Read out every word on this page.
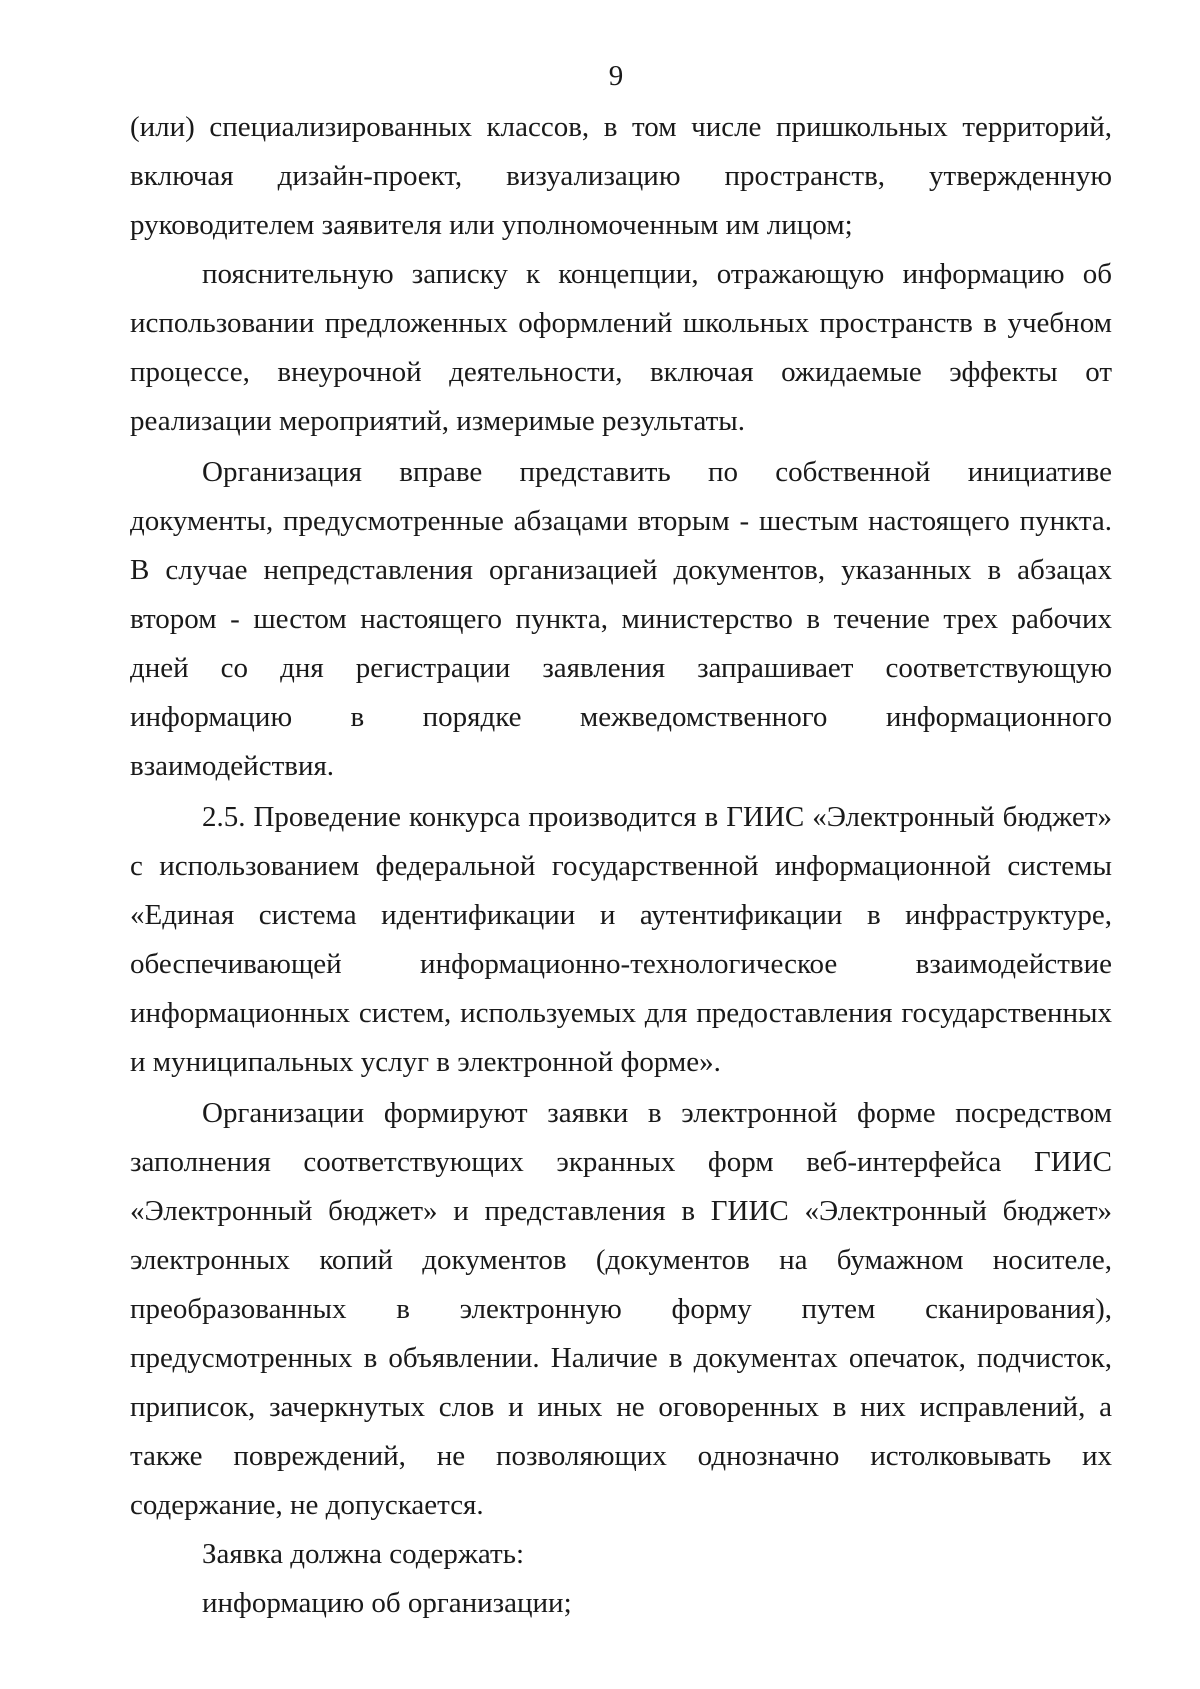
9

(или) специализированных классов, в том числе пришкольных территорий, включая дизайн-проект, визуализацию пространств, утвержденную руководителем заявителя или уполномоченным им лицом;

пояснительную записку к концепции, отражающую информацию об использовании предложенных оформлений школьных пространств в учебном процессе, внеурочной деятельности, включая ожидаемые эффекты от реализации мероприятий, измеримые результаты.

Организация вправе представить по собственной инициативе документы, предусмотренные абзацами вторым - шестым настоящего пункта. В случае непредставления организацией документов, указанных в абзацах втором - шестом настоящего пункта, министерство в течение трех рабочих дней со дня регистрации заявления запрашивает соответствующую информацию в порядке межведомственного информационного взаимодействия.

2.5. Проведение конкурса производится в ГИИС «Электронный бюджет» с использованием федеральной государственной информационной системы «Единая система идентификации и аутентификации в инфраструктуре, обеспечивающей информационно-технологическое взаимодействие информационных систем, используемых для предоставления государственных и муниципальных услуг в электронной форме».

Организации формируют заявки в электронной форме посредством заполнения соответствующих экранных форм веб-интерфейса ГИИС «Электронный бюджет» и представления в ГИИС «Электронный бюджет» электронных копий документов (документов на бумажном носителе, преобразованных в электронную форму путем сканирования), предусмотренных в объявлении. Наличие в документах опечаток, подчисток, приписок, зачеркнутых слов и иных не оговоренных в них исправлений, а также повреждений, не позволяющих однозначно истолковывать их содержание, не допускается.

Заявка должна содержать:

информацию об организации;
